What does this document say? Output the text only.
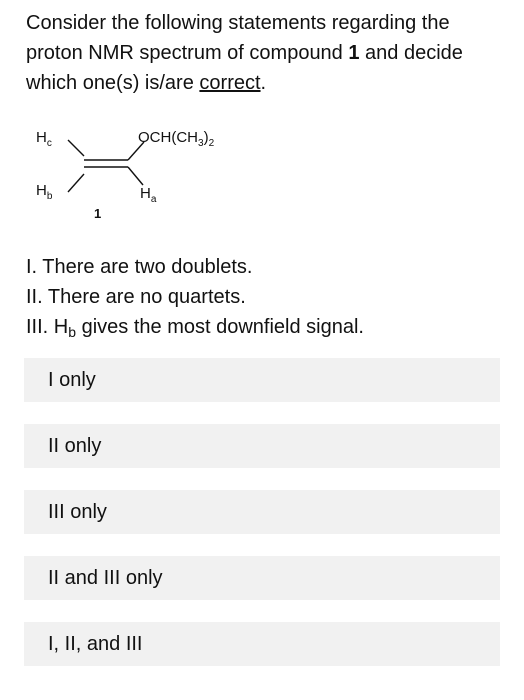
Consider the following statements regarding the proton NMR spectrum of compound 1 and decide which one(s) is/are correct.
$H_c$
$H_b$
$OCH(CH_3)_2$
$H_a$
1
I. There are two doublets.
II. There are no quartets.
III. $H_b$ gives the most downfield signal.
I only
II only
III only
II and III only
I, II, and III
